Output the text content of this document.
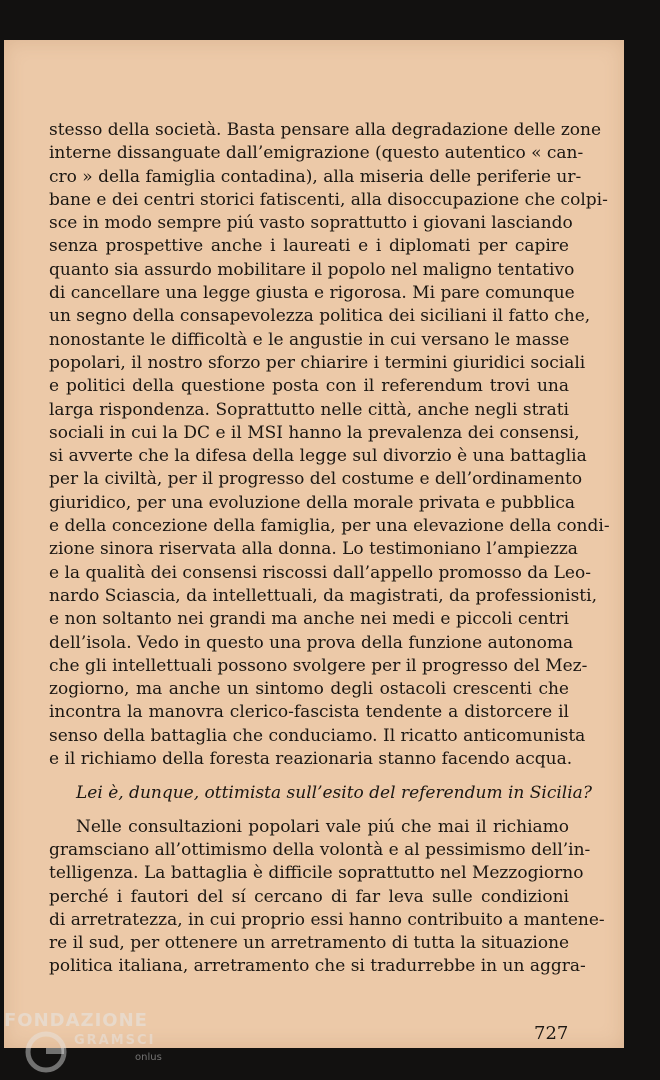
stesso della società. Basta pensare alla degradazione delle zone
interne dissanguate dall’emigrazione (questo autentico « can-
cro » della famiglia contadina), alla miseria delle periferie ur-
bane e dei centri storici fatiscenti, alla disoccupazione che colpi-
sce in modo sempre piú vasto soprattutto i giovani lasciando
senza prospettive anche i laureati e i diplomati per capire
quanto sia assurdo mobilitare il popolo nel maligno tentativo
di cancellare una legge giusta e rigorosa. Mi pare comunque
un segno della consapevolezza politica dei siciliani il fatto che,
nonostante le difficoltà e le angustie in cui versano le masse
popolari, il nostro sforzo per chiarire i termini giuridici sociali
e politici della questione posta con il referendum trovi una
larga rispondenza. Soprattutto nelle città, anche negli strati
sociali in cui la DC e il MSI hanno la prevalenza dei consensi,
si avverte che la difesa della legge sul divorzio è una battaglia
per la civiltà, per il progresso del costume e dell’ordinamento
giuridico, per una evoluzione della morale privata e pubblica
e della concezione della famiglia, per una elevazione della condi-
zione sinora riservata alla donna. Lo testimoniano l’ampiezza
e la qualità dei consensi riscossi dall’appello promosso da Leo-
nardo Sciascia, da intellettuali, da magistrati, da professionisti,
e non soltanto nei grandi ma anche nei medi e piccoli centri
dell’isola. Vedo in questo una prova della funzione autonoma
che gli intellettuali possono svolgere per il progresso del Mez-
zogiorno, ma anche un sintomo degli ostacoli crescenti che
incontra la manovra clerico-fascista tendente a distorcere il
senso della battaglia che conduciamo. Il ricatto anticomunista
e il richiamo della foresta reazionaria stanno facendo acqua.
Lei è, dunque, ottimista sull’esito del referendum in Sicilia?
Nelle consultazioni popolari vale piú che mai il richiamo
gramsciano all’ottimismo della volontà e al pessimismo dell’in-
telligenza. La battaglia è difficile soprattutto nel Mezzogiorno
perché i fautori del sí cercano di far leva sulle condizioni
di arretratezza, in cui proprio essi hanno contribuito a mantene-
re il sud, per ottenere un arretramento di tutta la situazione
politica italiana, arretramento che si tradurrebbe in un aggra-
727
FONDAZIONE
GRAMSCI
onlus
